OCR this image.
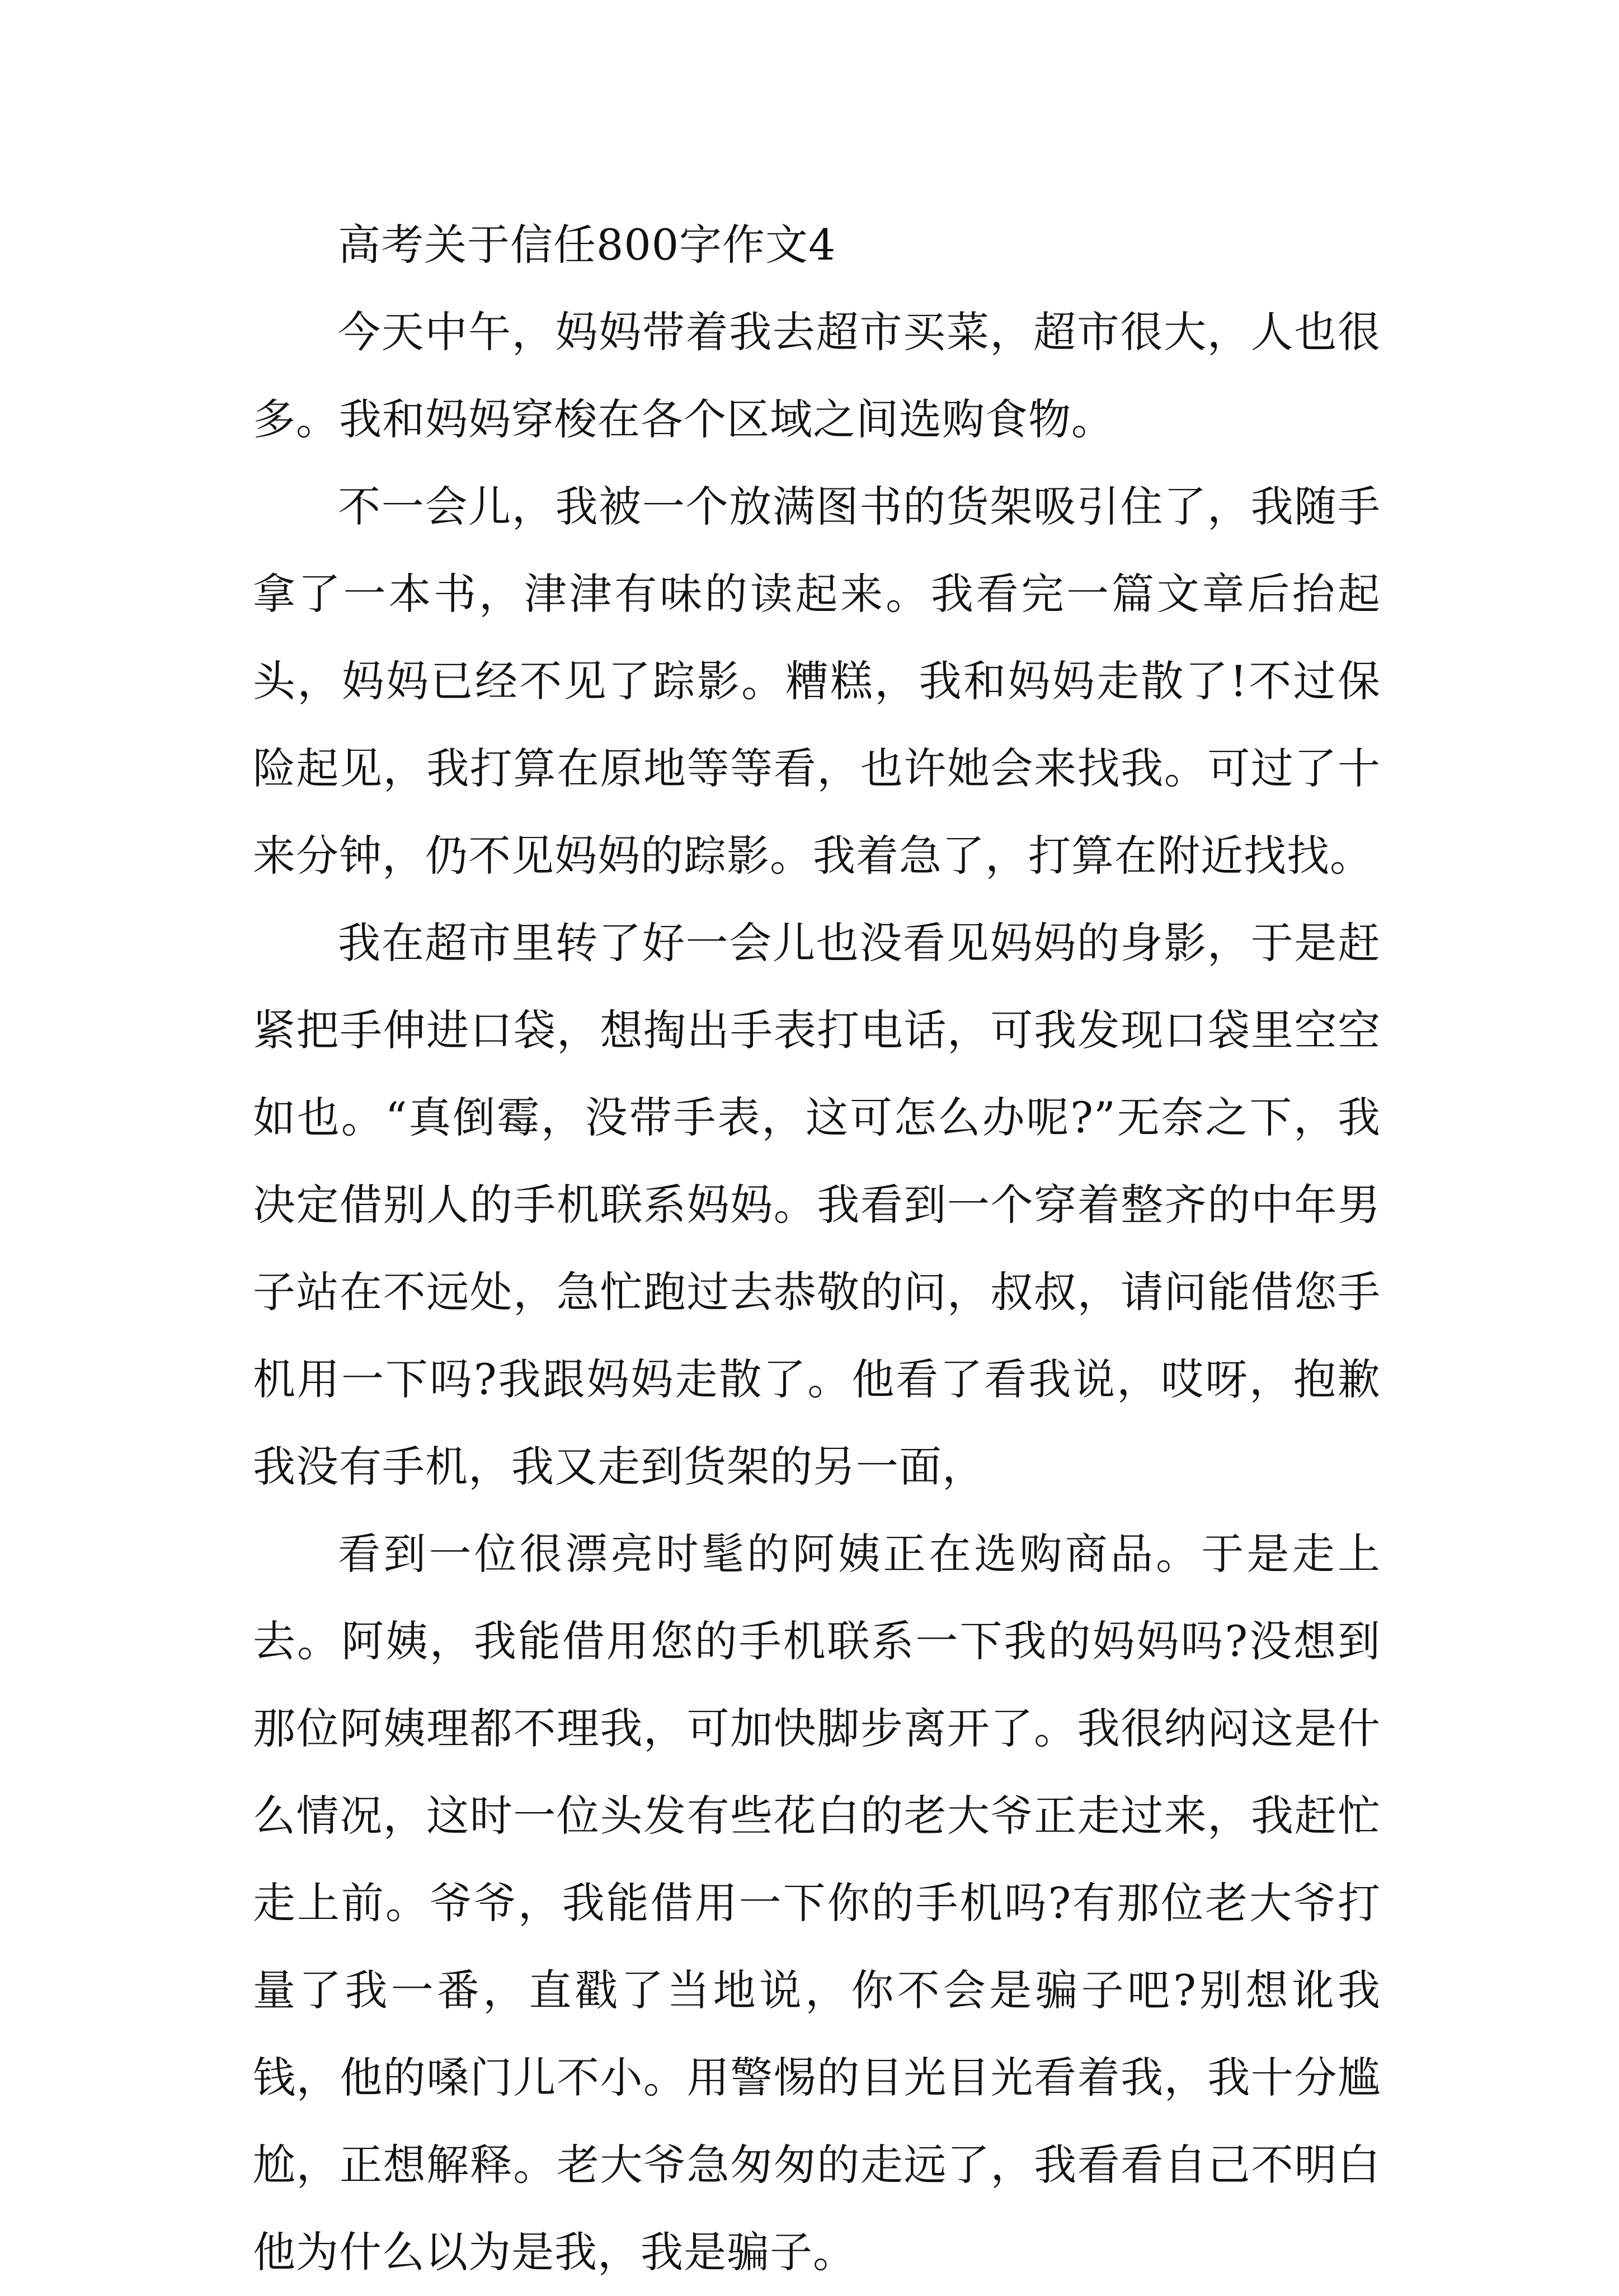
高考关于信任800字作文4

今天中午，妈妈带着我去超市买菜，超市很大，人也很多。我和妈妈穿梭在各个区域之间选购食物。

不一会儿，我被一个放满图书的货架吸引住了，我随手拿了一本书，津津有味的读起来。我看完一篇文章后抬起头，妈妈已经不见了踪影。糟糕，我和妈妈走散了!不过保险起见，我打算在原地等等看，也许她会来找我。可过了十来分钟，仍不见妈妈的踪影。我着急了，打算在附近找找。

我在超市里转了好一会儿也没看见妈妈的身影，于是赶紧把手伸进口袋，想掏出手表打电话，可我发现口袋里空空如也。“真倒霉，没带手表，这可怎么办呢?”无奈之下，我决定借别人的手机联系妈妈。我看到一个穿着整齐的中年男子站在不远处，急忙跑过去恭敬的问，叔叔，请问能借您手机用一下吗?我跟妈妈走散了。他看了看我说，哎呀，抱歉我没有手机，我又走到货架的另一面，

看到一位很漂亮时髦的阿姨正在选购商品。于是走上去。阿姨，我能借用您的手机联系一下我的妈妈吗?没想到那位阿姨理都不理我，可加快脚步离开了。我很纳闷这是什么情况，这时一位头发有些花白的老大爷正走过来，我赶忙走上前。爷爷，我能借用一下你的手机吗?有那位老大爷打量了我一番，直戳了当地说，你不会是骗子吧?别想讹我钱，他的嗓门儿不小。用警惕的目光目光看着我，我十分尴尬，正想解释。老大爷急匆匆的走远了，我看看自己不明白他为什么以为是我，我是骗子。
